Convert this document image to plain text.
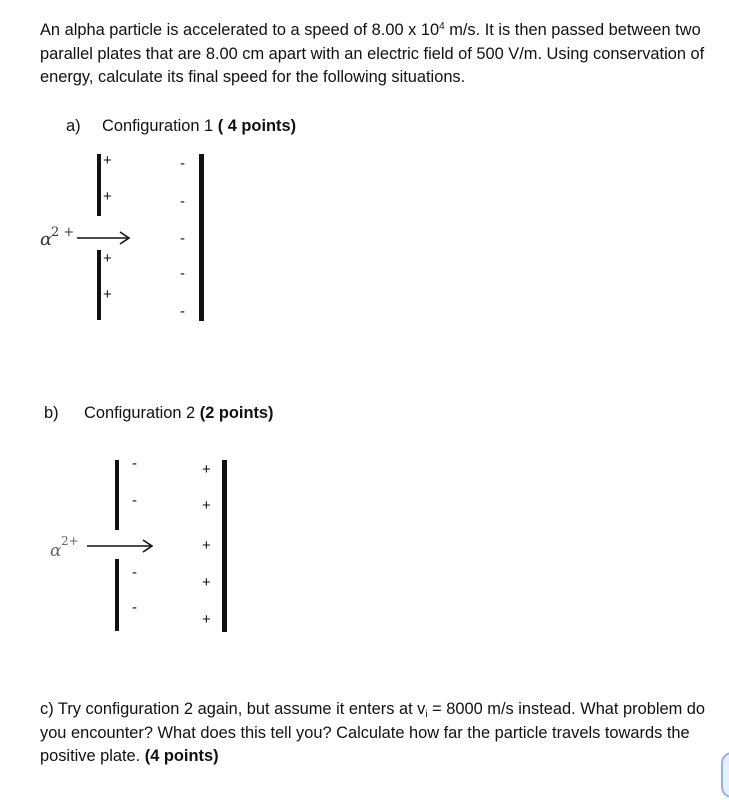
An alpha particle is accelerated to a speed of 8.00 x $10^4$ m/s. It is then passed between two parallel plates that are 8.00 cm apart with an electric field of 500 V/m. Using conservation of energy, calculate its final speed for the following situations.

a) Configuration 1 ( 4 points)
+
+
+
+
-
-
-
-
-
α
2 +
b) Configuration 2 (2 points)
-
-
-
-
+
+
+
+
+
α 2+

c) Try configuration 2 again, but assume it enters at $v_i = 8000$ m/s instead. What problem do you encounter? What does this tell you? Calculate how far the particle travels towards the positive plate. (4 points)
